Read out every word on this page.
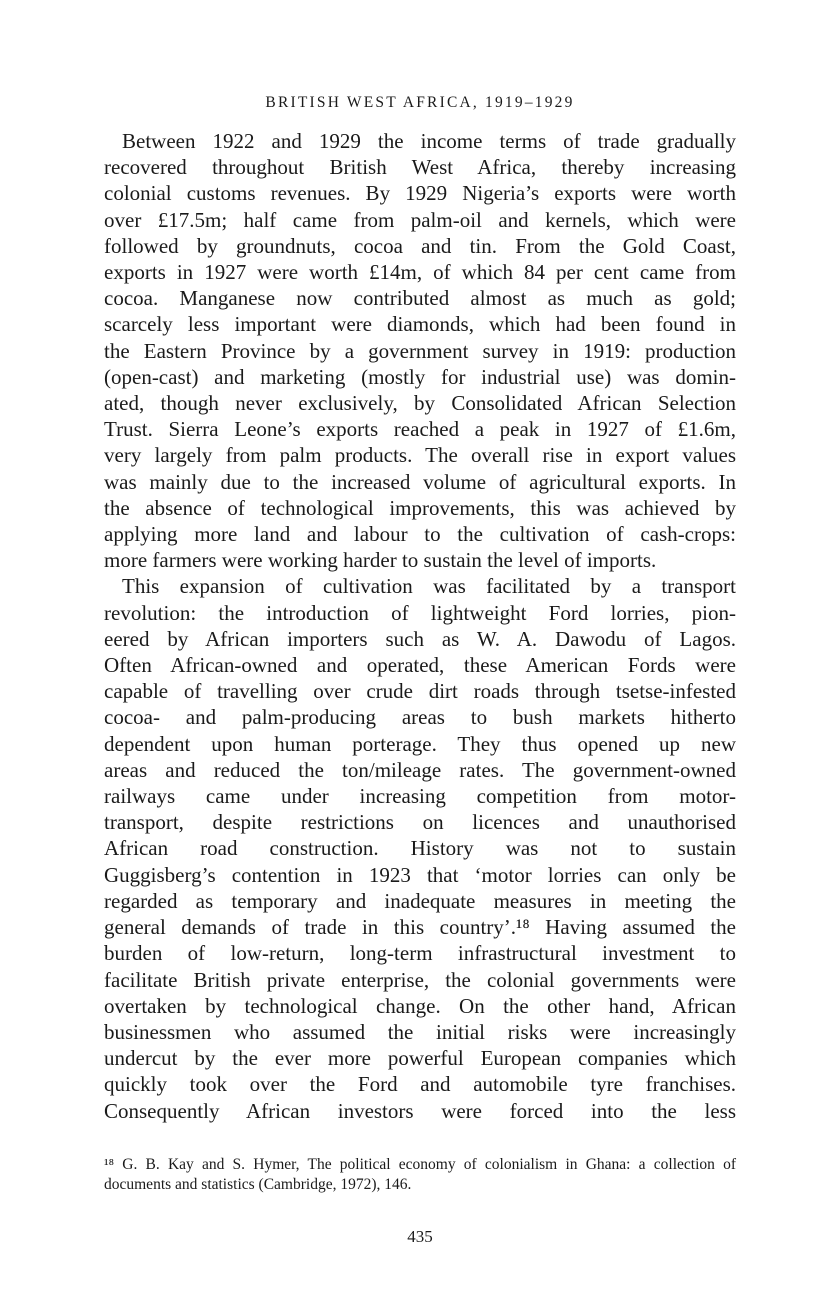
BRITISH WEST AFRICA, 1919–1929
Between 1922 and 1929 the income terms of trade gradually
recovered throughout British West Africa, thereby increasing
colonial customs revenues. By 1929 Nigeria’s exports were worth
over £17.5m; half came from palm-oil and kernels, which were
followed by groundnuts, cocoa and tin. From the Gold Coast,
exports in 1927 were worth £14m, of which 84 per cent came from
cocoa. Manganese now contributed almost as much as gold;
scarcely less important were diamonds, which had been found in
the Eastern Province by a government survey in 1919: production
(open-cast) and marketing (mostly for industrial use) was domin-
ated, though never exclusively, by Consolidated African Selection
Trust. Sierra Leone’s exports reached a peak in 1927 of £1.6m,
very largely from palm products. The overall rise in export values
was mainly due to the increased volume of agricultural exports. In
the absence of technological improvements, this was achieved by
applying more land and labour to the cultivation of cash-crops:
more farmers were working harder to sustain the level of imports.
This expansion of cultivation was facilitated by a transport
revolution: the introduction of lightweight Ford lorries, pion-
eered by African importers such as W. A. Dawodu of Lagos.
Often African-owned and operated, these American Fords were
capable of travelling over crude dirt roads through tsetse-infested
cocoa- and palm-producing areas to bush markets hitherto
dependent upon human porterage. They thus opened up new
areas and reduced the ton/mileage rates. The government-owned
railways came under increasing competition from motor-
transport, despite restrictions on licences and unauthorised
African road construction. History was not to sustain
Guggisberg’s contention in 1923 that ‘motor lorries can only be
regarded as temporary and inadequate measures in meeting the
general demands of trade in this country’.¹⁸ Having assumed the
burden of low-return, long-term infrastructural investment to
facilitate British private enterprise, the colonial governments were
overtaken by technological change. On the other hand, African
businessmen who assumed the initial risks were increasingly
undercut by the ever more powerful European companies which
quickly took over the Ford and automobile tyre franchises.
Consequently African investors were forced into the less
¹⁸ G. B. Kay and S. Hymer, The political economy of colonialism in Ghana: a collection of
documents and statistics (Cambridge, 1972), 146.
435
